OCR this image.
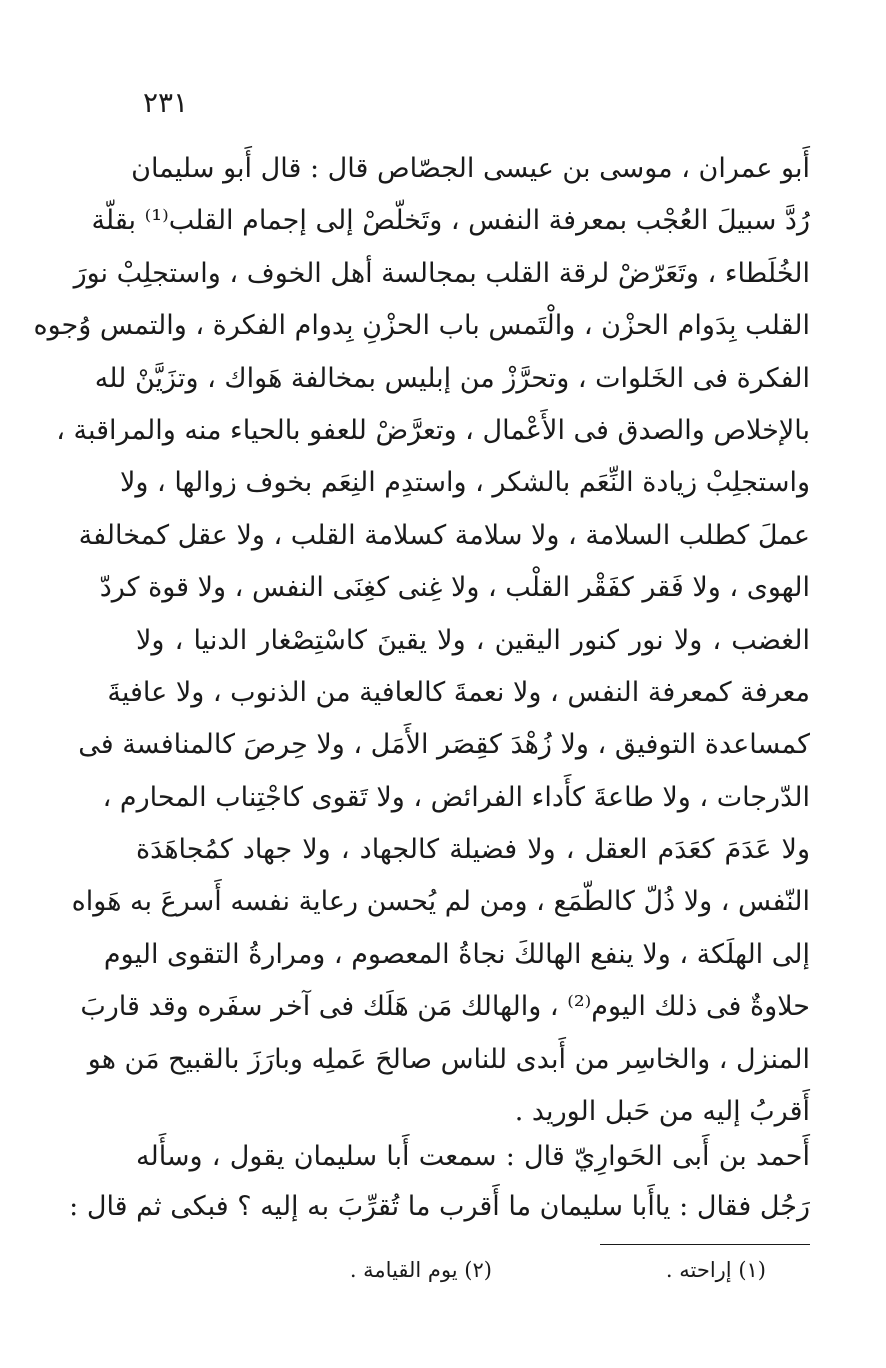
٢٣١
أَبو عمران ، موسى بن عيسى الجصّاص قال : قال أَبو سليمان
رُدَّ سبيلَ العُجْب بمعرفة النفس ، وتَخلّصْ إلى إجمام القلب⁽¹⁾ بقلّة
الخُلَطاء ، وتَعَرّضْ لرقة القلب بمجالسة أهل الخوف ، واستجلِبْ نورَ
القلب بِدَوام الحزْن ، والْتَمس باب الحزْنِ بِدوام الفكرة ، والتمس وُجوه
الفكرة فى الخَلوات ، وتحرَّزْ من إبليس بمخالفة هَواك ، وتزَيَّنْ لله
بالإخلاص والصدق فى الأَعْمال ، وتعرَّضْ للعفو بالحياء منه والمراقبة ،
واستجلِبْ زيادة النِّعَم بالشكر ، واستدِم النِعَم بخوف زوالها ، ولا
عملَ كطلب السلامة ، ولا سلامة كسلامة القلب ، ولا عقل كمخالفة
الهوى ، ولا فَقر كفَقْر القلْب ، ولا غِنى كغِنَى النفس ، ولا قوة كردّ
الغضب ، ولا نور كنور اليقين ، ولا يقينَ كاسْتِصْغار الدنيا ، ولا
معرفة كمعرفة النفس ، ولا نعمةَ كالعافية من الذنوب ، ولا عافيةَ
كمساعدة التوفيق ، ولا زُهْدَ كقِصَر الأَمَل ، ولا حِرصَ كالمنافسة فى
الدّرجات ، ولا طاعةَ كأَداء الفرائض ، ولا تَقوى كاجْتِناب المحارم ،
ولا عَدَمَ كعَدَم العقل ، ولا فضيلة كالجهاد ، ولا جهاد كمُجاهَدَة
النّفس ، ولا ذُلّ كالطّمَع ، ومن لم يُحسن رعاية نفسه أَسرعَ به هَواه
إلى الهلَكة ، ولا ينفع الهالكَ نجاةُ المعصوم ، ومرارةُ التقوى اليوم
حلاوةٌ فى ذلك اليوم⁽²⁾ ، والهالك مَن هَلَك فى آخر سفَره وقد قاربَ
المنزل ، والخاسِر من أَبدى للناس صالحَ عَملِه وبارَزَ بالقبيح مَن هو
أَقربُ إليه من حَبل الوريد .
أَحمد بن أَبى الحَوارِيّ قال : سمعت أَبا سليمان يقول ، وسأَله
رَجُل فقال : ياأَبا سليمان ما أَقرب ما تُقرِّبَ به إليه ؟ فبكى ثم قال :
(١) إراحته .
(٢) يوم القيامة .
